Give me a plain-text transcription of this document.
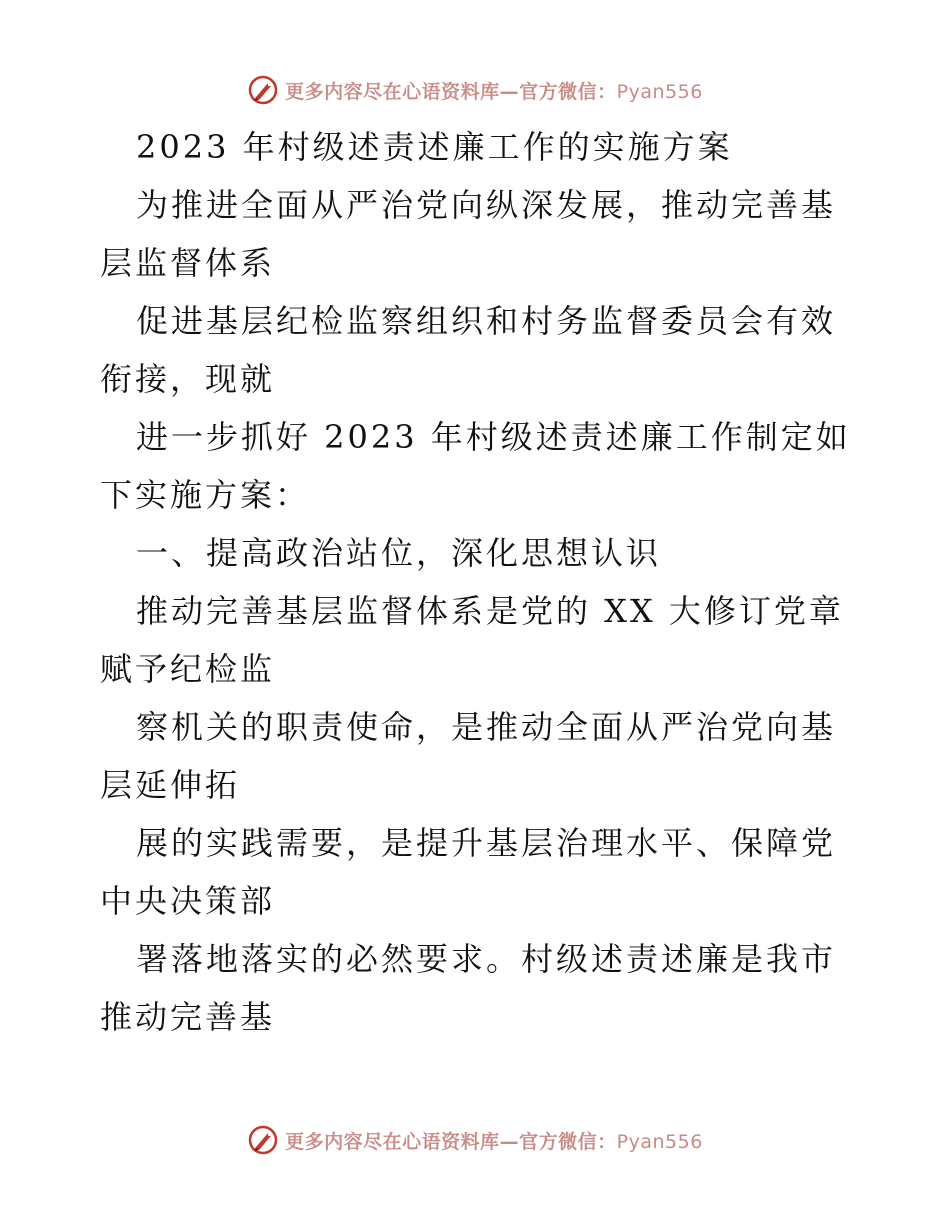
更多内容尽在心语资料库—官方微信：Pyan556

2023 年村级述责述廉工作的实施方案

为推进全面从严治党向纵深发展，推动完善基层监督体系

促进基层纪检监察组织和村务监督委员会有效衔接，现就

进一步抓好 2023 年村级述责述廉工作制定如下实施方案：

一、提高政治站位，深化思想认识

推动完善基层监督体系是党的 XX 大修订党章赋予纪检监

察机关的职责使命，是推动全面从严治党向基层延伸拓

展的实践需要，是提升基层治理水平、保障党中央决策部

署落地落实的必然要求。村级述责述廉是我市推动完善基

更多内容尽在心语资料库—官方微信：Pyan556
